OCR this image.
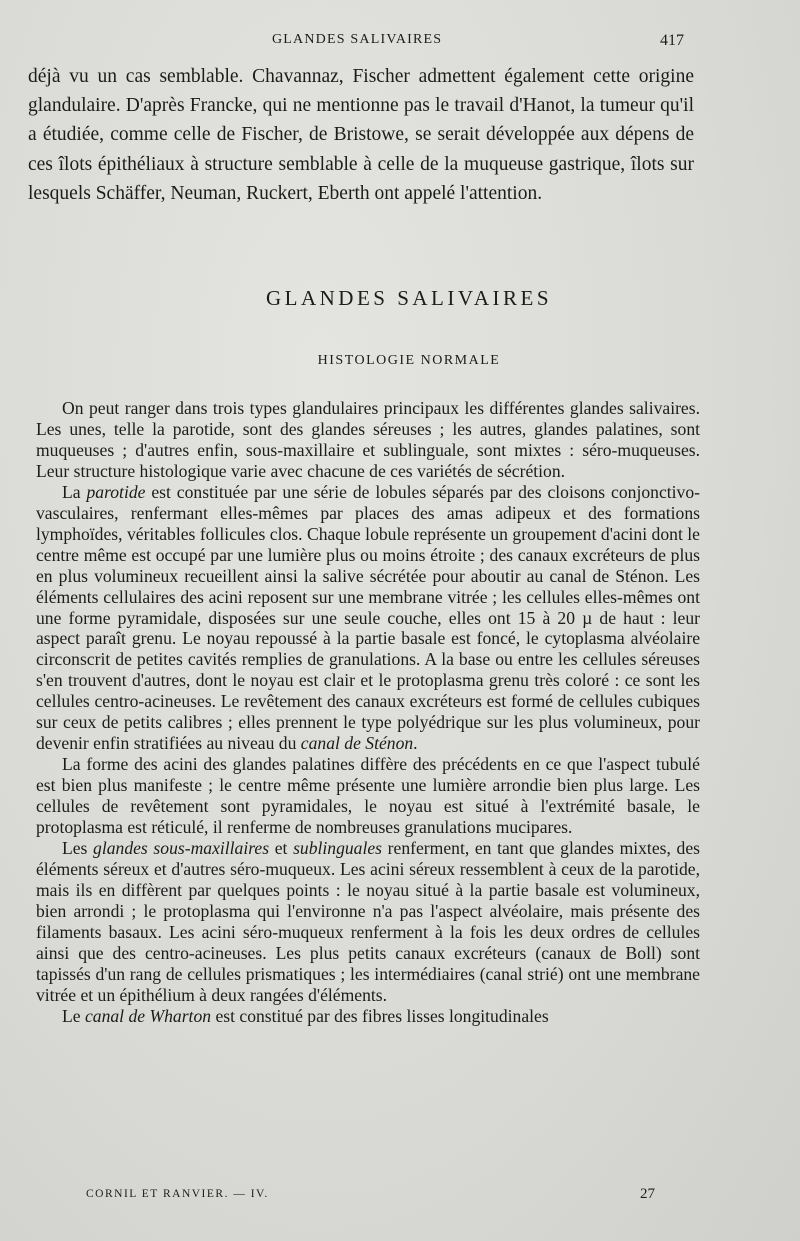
GLANDES SALIVAIRES	417

déjà vu un cas semblable. Chavannaz, Fischer admettent également cette origine glandulaire. D'après Francke, qui ne mentionne pas le travail d'Hanot, la tumeur qu'il a étudiée, comme celle de Fischer, de Bristowe, se serait développée aux dépens de ces îlots épithéliaux à structure semblable à celle de la muqueuse gastrique, îlots sur lesquels Schäffer, Neuman, Ruckert, Eberth ont appelé l'attention.

GLANDES SALIVAIRES
HISTOLOGIE NORMALE

On peut ranger dans trois types glandulaires principaux les différentes glandes salivaires. Les unes, telle la parotide, sont des glandes séreuses ; les autres, glandes palatines, sont muqueuses ; d'autres enfin, sous-maxillaire et sublinguale, sont mixtes : séro-muqueuses. Leur structure histologique varie avec chacune de ces variétés de sécrétion.

La parotide est constituée par une série de lobules séparés par des cloisons conjonctivo-vasculaires, renfermant elles-mêmes par places des amas adipeux et des formations lymphoïdes, véritables follicules clos. Chaque lobule représente un groupement d'acini dont le centre même est occupé par une lumière plus ou moins étroite ; des canaux excréteurs de plus en plus volumineux recueillent ainsi la salive sécrétée pour aboutir au canal de Sténon. Les éléments cellulaires des acini reposent sur une membrane vitrée ; les cellules elles-mêmes ont une forme pyramidale, disposées sur une seule couche, elles ont 15 à 20 µ de haut : leur aspect paraît grenu. Le noyau repoussé à la partie basale est foncé, le cytoplasma alvéolaire circonscrit de petites cavités remplies de granulations. A la base ou entre les cellules séreuses s'en trouvent d'autres, dont le noyau est clair et le protoplasma grenu très coloré : ce sont les cellules centro-acineuses. Le revêtement des canaux excréteurs est formé de cellules cubiques sur ceux de petits calibres ; elles prennent le type polyédrique sur les plus volumineux, pour devenir enfin stratifiées au niveau du canal de Sténon.

La forme des acini des glandes palatines diffère des précédents en ce que l'aspect tubulé est bien plus manifeste ; le centre même présente une lumière arrondie bien plus large. Les cellules de revêtement sont pyramidales, le noyau est situé à l'extrémité basale, le protoplasma est réticulé, il renferme de nombreuses granulations mucipares.

Les glandes sous-maxillaires et sublinguales renferment, en tant que glandes mixtes, des éléments séreux et d'autres séro-muqueux. Les acini séreux ressemblent à ceux de la parotide, mais ils en diffèrent par quelques points : le noyau situé à la partie basale est volumineux, bien arrondi ; le protoplasma qui l'environne n'a pas l'aspect alvéolaire, mais présente des filaments basaux. Les acini séro-muqueux renferment à la fois les deux ordres de cellules ainsi que des centro-acineuses. Les plus petits canaux excréteurs (canaux de Boll) sont tapissés d'un rang de cellules prismatiques ; les intermédiaires (canal strié) ont une membrane vitrée et un épithélium à deux rangées d'éléments.

Le canal de Wharton est constitué par des fibres lisses longitudinales

CORNIL ET RANVIER. — IV.	27
